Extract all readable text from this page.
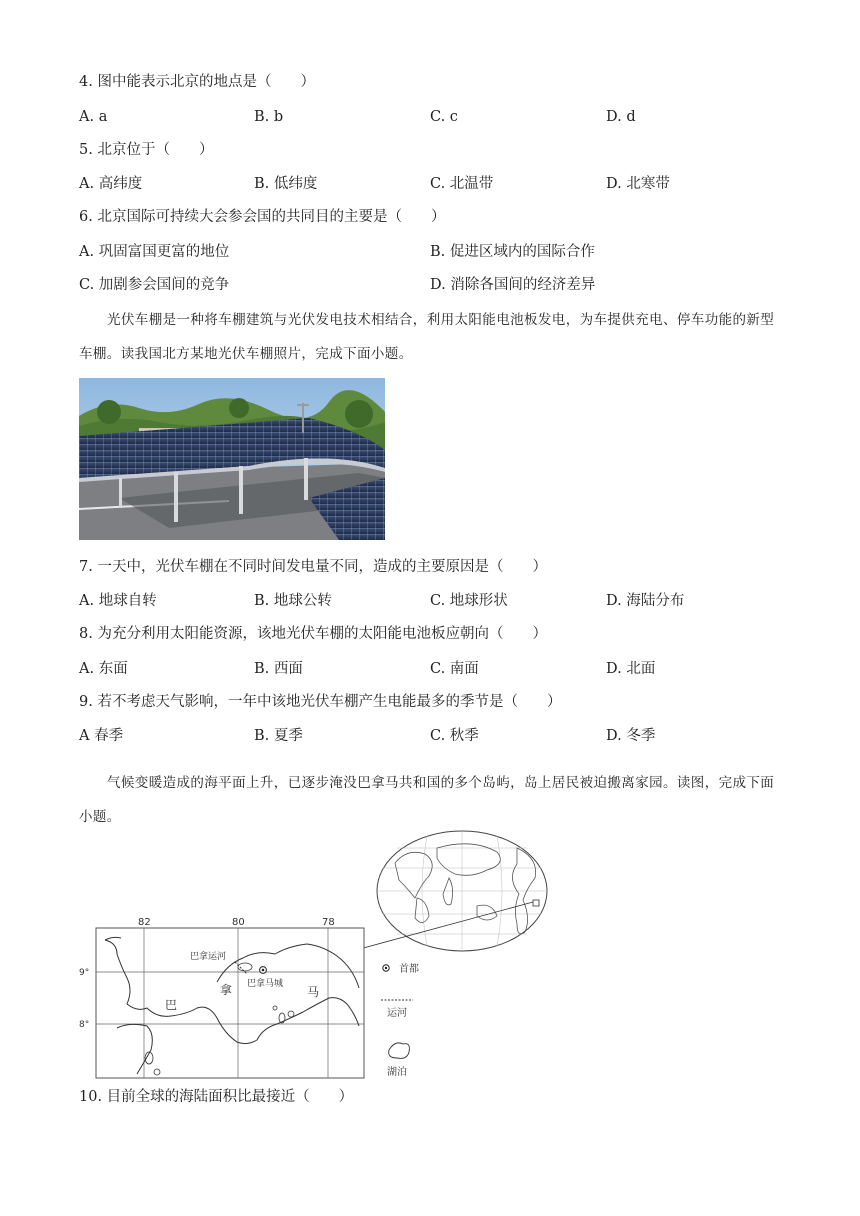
4. 图中能表示北京的地点是（　　）
A. a	B. b	C. c	D. d
5. 北京位于（　　）
A. 高纬度	B. 低纬度	C. 北温带	D. 北寒带
6. 北京国际可持续大会参会国的共同目的主要是（　　）
A. 巩固富国更富的地位	B. 促进区域内的国际合作
C. 加剧参会国间的竞争	D. 消除各国间的经济差异
光伏车棚是一种将车棚建筑与光伏发电技术相结合，利用太阳能电池板发电，为车提供充电、停车功能的新型车棚。读我国北方某地光伏车棚照片，完成下面小题。
7. 一天中，光伏车棚在不同时间发电量不同，造成的主要原因是（　　）
A. 地球自转	B. 地球公转	C. 地球形状	D. 海陆分布
8. 为充分利用太阳能资源，该地光伏车棚的太阳能电池板应朝向（　　）
A. 东面	B. 西面	C. 南面	D. 北面
9. 若不考虑天气影响，一年中该地光伏车棚产生电能最多的季节是（　　）
A 春季	B. 夏季	C. 秋季	D. 冬季
气候变暖造成的海平面上升，已逐步淹没巴拿马共和国的多个岛屿，岛上居民被迫搬离家园。读图，完成下面小题。
82	80	78
9°
8°
巴拿运河
巴拿马城
巴
拿	马
首都
运河
湖泊
10. 目前全球的海陆面积比最接近（　　）
